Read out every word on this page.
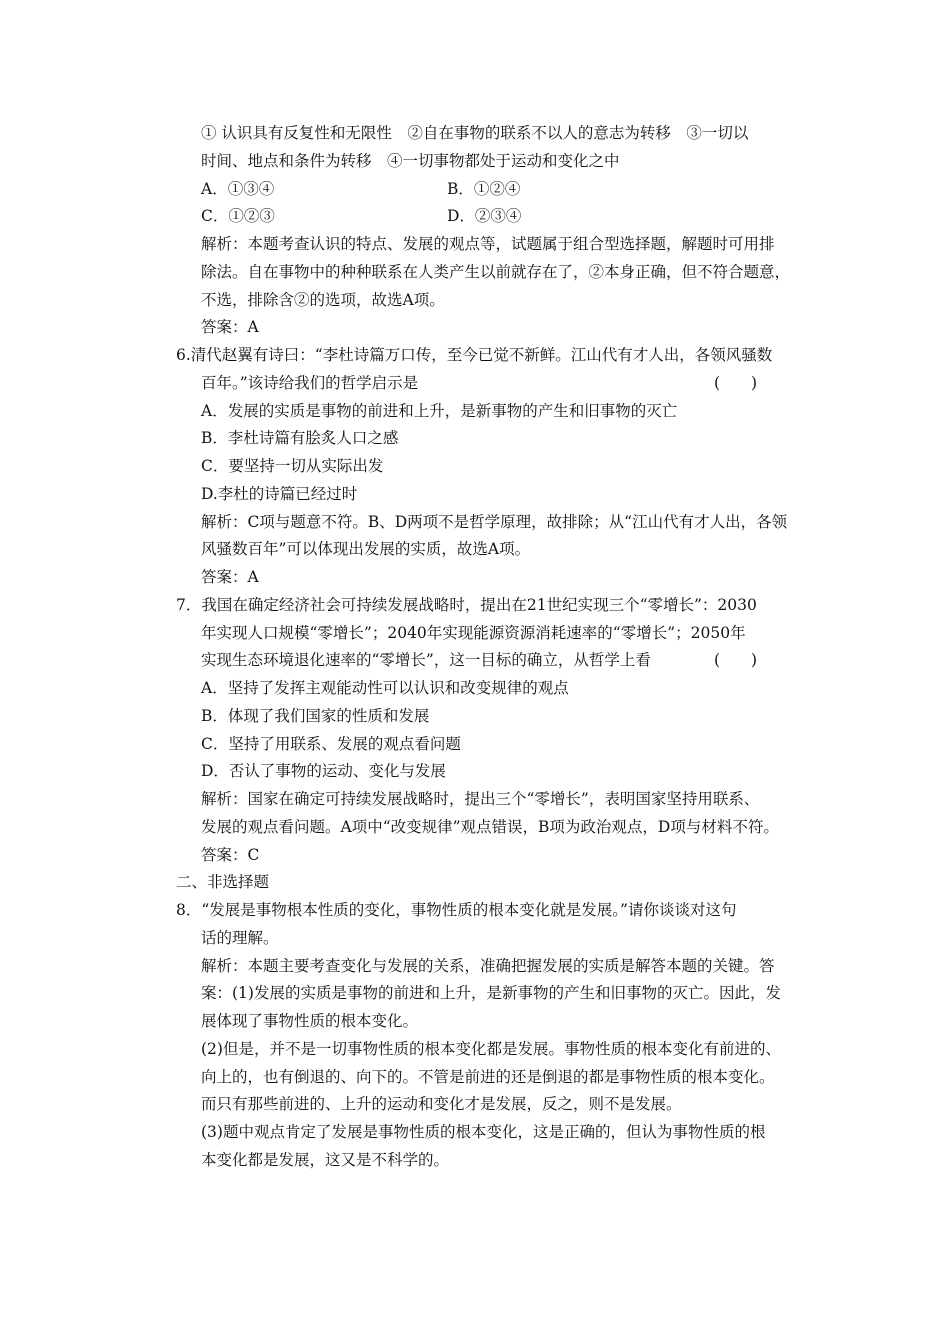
① 认识具有反复性和无限性　②自在事物的联系不以人的意志为转移　③一切以
时间、地点和条件为转移　④一切事物都处于运动和变化之中
A．①③④	B．①②④
C．①②③	D．②③④
解析：本题考查认识的特点、发展的观点等，试题属于组合型选择题，解题时可用排
除法。自在事物中的种种联系在人类产生以前就存在了，②本身正确，但不符合题意，
不选，排除含②的选项，故选A项。
答案：A
6.清代赵翼有诗曰：“李杜诗篇万口传，至今已觉不新鲜。江山代有才人出，各领风骚数
百年。”该诗给我们的哲学启示是	(　　)
A．发展的实质是事物的前进和上升，是新事物的产生和旧事物的灭亡
B．李杜诗篇有脍炙人口之感
C．要坚持一切从实际出发
D.李杜的诗篇已经过时
解析：C项与题意不符。B、D两项不是哲学原理，故排除；从“江山代有才人出，各领
风骚数百年”可以体现出发展的实质，故选A项。
答案：A
7．我国在确定经济社会可持续发展战略时，提出在21世纪实现三个“零增长”：2030
年实现人口规模“零增长”；2040年实现能源资源消耗速率的“零增长”；2050年
实现生态环境退化速率的“零增长”，这一目标的确立，从哲学上看	(　　)
A．坚持了发挥主观能动性可以认识和改变规律的观点
B．体现了我们国家的性质和发展
C．坚持了用联系、发展的观点看问题
D．否认了事物的运动、变化与发展
解析：国家在确定可持续发展战略时，提出三个“零增长”，表明国家坚持用联系、
发展的观点看问题。A项中“改变规律”观点错误，B项为政治观点，D项与材料不符。
答案：C
二、非选择题
8．“发展是事物根本性质的变化，事物性质的根本变化就是发展。”请你谈谈对这句
话的理解。
解析：本题主要考查变化与发展的关系，准确把握发展的实质是解答本题的关键。答
案：(1)发展的实质是事物的前进和上升，是新事物的产生和旧事物的灭亡。因此，发
展体现了事物性质的根本变化。
(2)但是，并不是一切事物性质的根本变化都是发展。事物性质的根本变化有前进的、
向上的，也有倒退的、向下的。不管是前进的还是倒退的都是事物性质的根本变化。
而只有那些前进的、上升的运动和变化才是发展，反之，则不是发展。
(3)题中观点肯定了发展是事物性质的根本变化，这是正确的，但认为事物性质的根
本变化都是发展，这又是不科学的。
